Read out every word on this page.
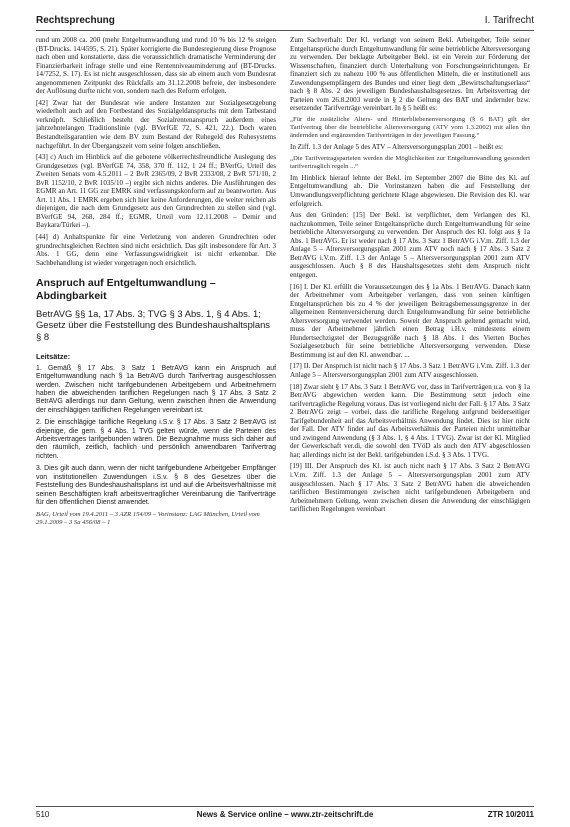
Rechtsprechung	I. Tarifrecht

rund um 2008 ca. 200 (mehr Entgeltumwandlung und rund 10 % bis 12 % steigen (BT-Drucks. 14/4595, S. 21). Später korrigierte die Bundesregierung diese Prognose nach oben und konstatierte, dass die voraussichtlich dramatische Verminderung der Finanzierbarkeit infrage stelle und eine Rentenniveauminderung auf (BT-Drucks. 14/7252, S. 17). Es ist nicht ausgeschlossen, dass sie ab einem auch vom Bundesrat angenommenen Zeitpunkt des Rückfalls am 31.12.2008 befreie, der insbesondere der Auflösung durfte nicht von, sondern nach des Reform erfolgen.

[42] Zwar hat der Bundesrat wie andere Instanzen zur Sozialgesetzgebung wiederholt auch auf den Fortbestand des Sozialgeldanspruchs mit dem Tatbestand verknüpft. Schließlich besteht der Sozialrentenanspruch außerdem eines jahrzehntelangen Traditionslinie (vgl. BVerfGE 72, S. 421, 22.). Doch waren Bestandteilsgarantien wie dem BV zum Bestand der Ruhegeld des Ruhesystems nachgeführt. In der Übergangszeit vom seine folgen anschließen.

[43] c) Auch im Hinblick auf die gebotene völkerrechtsfreundliche Auslegung des Grundgesetzes (vgl. BVerfGE 74, 358, 370 ff. 112, 1 24 ff.; BVerfG, Urteil des Zweiten Senats vom 4.5.2011 – 2 BvR 2365/09, 2 BvR 2333/08, 2 BvR 571/10, 2 BvR 1152/10, 2 BvR 1035/10 –) ergibt sich nichts anderes. Die Ausführungen des EGMR an Art. 11 GG zur EMRK sind verfassungskonform auf zu beantworten. Aus Art. 11 Abs. 1 EMRK ergeben sich hier keine Anforderungen, die weiter reichen als diejenigen, die nach dem Grundgesetz aus den Grundrechten zu stellen sind (vgl. BVerfGE 94, 268, 284 ff.; EGMR, Urteil vom 12.11.2008 – Demir und Baykara/Türkei –).

[44] d) Anhaltspunkte für eine Verletzung von anderen Grundrechten oder grundrechtsgleichen Rechten sind nicht ersichtlich. Das gilt insbesondere für Art. 3 Abs. 1 GG, denn eine Verfassungswidrigkeit ist nicht erkennbar. Die Sachbehandlung ist wieder vorgetragen noch ersichtlich.

Anspruch auf Entgeltumwandlung – Abdingbarkeit
BetrAVG §§ 1a, 17 Abs. 3; TVG § 3 Abs. 1, § 4 Abs. 1; Gesetz über die Feststellung des Bundeshaushaltsplans § 8
Leitsätze:

1. Gemäß § 17 Abs. 3 Satz 1 BetrAVG kann ein Anspruch auf Entgeltumwandlung nach § 1a BetrAVG durch Tarifvertrag ausgeschlossen werden. Zwischen nicht tarifgebundenen Arbeitgebern und Arbeitnehmern haben die abweichenden tariflichen Regelungen nach § 17 Abs. 3 Satz 2 BetrAVG allerdings nur dann Geltung, wenn zwischen ihnen die Anwendung der einschlägigen tariflichen Regelungen vereinbart ist.

2. Die einschlägige tarifliche Regelung i.S.v. § 17 Abs. 3 Satz 2 BetrAVG ist diejenige, die gem. § 4 Abs. 1 TVG gelten würde, wenn die Parteien des Arbeitsvertrages tarifgebunden wären. Die Bezugnahme muss sich daher auf den räumlich, zeitlich, fachlich und persönlich anwendbaren Tarifvertrag richten.

3. Dies gilt auch dann, wenn der nicht tarifgebundene Arbeitgeber Empfänger von institutionellen Zuwendungen i.S.v. § 8 des Gesetzes über die Feststellung des Bundeshaushaltsplans ist und auf die Arbeitsverhältnisse mit seinen Beschäftigten kraft arbeitsvertraglicher Vereinbarung die Tarifverträge für den öffentlichen Dienst anwendet.

BAG, Urteil vom 19.4.2011 – 3 AZR 154/09 – Vorinstanz: LAG München, Urteil vom 29.1.2009 – 3 Sa 456/08 – 1

Zum Sachverhalt: Der Kl. verlangt von seinem Bekl. Arbeitgeber, Teile seiner Entgeltansprüche durch Entgeltumwandlung für seine betriebliche Altersversorgung zu verwenden. Der beklagte Arbeitgeber Bekl. ist ein Verein zur Förderung der Wissenschaften, finanziert durch Unterhaltung von Forschungseinrichtungen. Er finanziert sich zu nahezu 100 % aus öffentlichen Mitteln, die er institutionell aus Zuwendungsempfängern des Bundes und einer liegt dem „Bewirtschaftungserlass“ nach § 8 Abs. 2 des jeweiligen Bundeshaushaltsgesetzes. Im Arbeitsvertrag der Parteien vom 26.8.2003 wurde in § 2 die Geltung des BAT und ändernder bzw. ersetzender Tarifverträge vereinbart. In § 5 heißt es:

„Für die zusätzliche Alters- und Hinterbliebenenversorgung (§ 6 BAT) gilt der Tarifvertrag über die betriebliche Altersversorgung (ATV vom 1.3.2002) mit allen ihn ändernden und ergänzenden Tarifverträgen in der jeweiligen Fassung.“

In Ziff. 1.3 der Anlage 5 des ATV – Altersversorgungsplan 2001 – heißt es:

„Die Tarifvertragsparteien werden die Möglichkeiten zur Entgeltumwandlung gesondert tarifvertraglich regeln ...“

Im Hinblick hierauf lehnte der Bekl. im September 2007 die Bitte des Kl. auf Entgeltumwandlung ab. Die Vorinstanzen haben die auf Feststellung der Umwandlungsverpflichtung gerichtete Klage abgewiesen. Die Revision des Kl. war erfolgreich.

Aus den Gründen: [15] Der Bekl. ist verpflichtet, dem Verlangen des Kl. nachzukommen, Teile seiner Entgeltansprüche durch Entgeltumwandlung für seine betriebliche Altersversorgung zu verwenden. Der Anspruch des Kl. folgt aus § 1a Abs. 1 BetrAVG. Er ist weder nach § 17 Abs. 3 Satz 1 BetrAVG i.V.m. Ziff. 1.3 der Anlage 5 – Altersversorgungsplan 2001 zum ATV noch nach § 17 Abs. 3 Satz 2 BetrAVG i.V.m. Ziff. 1.3 der Anlage 5 – Altersversorgungsplan 2001 zum ATV ausgeschlossen. Auch § 8 des Haushaltsgesetzes steht dem Anspruch nicht entgegen.

[16] I. Der Kl. erfüllt die Voraussetzungen des § 1a Abs. 1 BetrAVG. Danach kann der Arbeitnehmer vom Arbeitgeber verlangen, dass von seinen künftigen Entgeltansprüchen bis zu 4 % der jeweiligen Beitragsbemessungsgrenze in der allgemeinen Rentenversicherung durch Entgeltumwandlung für seine betriebliche Altersversorgung verwendet werden. Soweit der Anspruch geltend gemacht wird, muss der Arbeitnehmer jährlich einen Betrag i.H.v. mindestens einem Hundertsechzigstel der Bezugsgröße nach § 18 Abs. 1 des Vierten Buches Sozialgesetzbuch für seine betriebliche Altersversorgung verwenden. Diese Bestimmung ist auf den Kl. anwendbar. ...

[17] II. Der Anspruch ist nicht nach § 17 Abs. 3 Satz 1 BetrAVG i.V.m. Ziff. 1.3 der Anlage 5 – Altersversorgungsplan 2001 zum ATV ausgeschlossen.

[18] Zwar sieht § 17 Abs. 3 Satz 1 BetrAVG vor, dass in Tarifverträgen u.a. von § 1a BetrAVG abgewichen werden kann. Die Bestimmung setzt jedoch eine tarifvertragliche Regelung voraus. Das ist vorliegend nicht der Fall. § 17 Abs. 3 Satz 2 BetrAVG zeigt – vorbei, dass die tarifliche Regelung aufgrund beiderseitiger Tarifgebundenheit auf das Arbeitsverhältnis Anwendung findet. Dies ist hier nicht der Fall. Der ATV findet auf das Arbeitsverhältnis der Parteien nicht unmittelbar und zwingend Anwendung (§ 3 Abs. 1, § 4 Abs. 1 TVG). Zwar ist der Kl. Mitglied der Gewerkschaft ver.di, die sowohl den TVöD als auch den ATV abgeschlossen hat; allerdings nicht ist der Bekl. tarifgebunden i.S.d. § 3 Abs. 1 TVG.

[19] III. Der Anspruch des Kl. ist auch nicht nach § 17 Abs. 3 Satz 2 BetrAVG i.V.m. Ziff. 1.3 der Anlage 5 – Altersversorgungsplan 2001 zum ATV ausgeschlossen. Nach § 17 Abs. 3 Satz 2 BetrAVG haben die abweichenden tariflichen Bestimmungen zwischen nicht tarifgebundenen Arbeitgebern und Arbeitnehmern Geltung, wenn zwischen diesen die Anwendung der einschlägigen tariflichen Regelungen vereinbart

510	News & Service online – www.ztr-zeitschrift.de	ZTR 10/2011
